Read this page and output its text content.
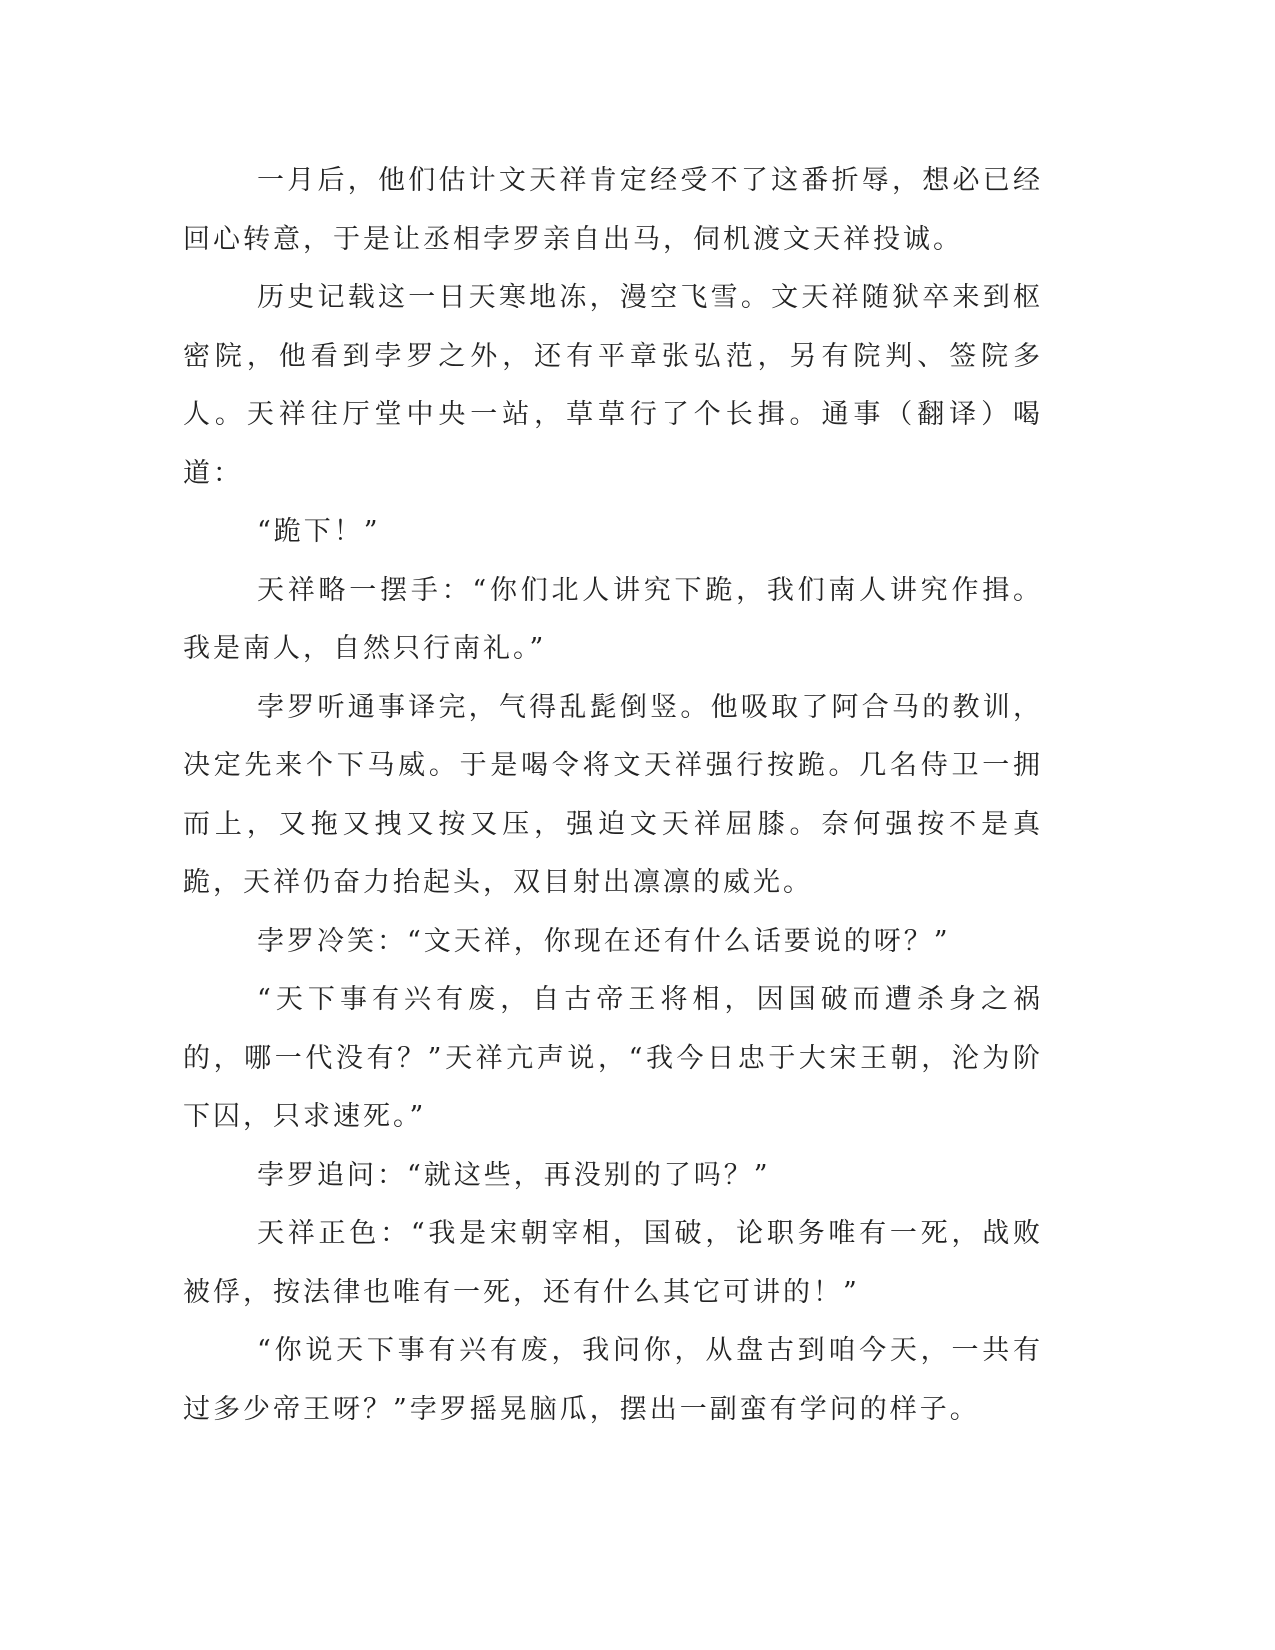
一月后，他们估计文天祥肯定经受不了这番折辱，想必已经回心转意，于是让丞相孛罗亲自出马，伺机渡文天祥投诚。

历史记载这一日天寒地冻，漫空飞雪。文天祥随狱卒来到枢密院，他看到孛罗之外，还有平章张弘范，另有院判、签院多人。天祥往厅堂中央一站，草草行了个长揖。通事（翻译）喝道：

“跪下！”

天祥略一摆手：“你们北人讲究下跪，我们南人讲究作揖。我是南人，自然只行南礼。”

孛罗听通事译完，气得乱髭倒竖。他吸取了阿合马的教训，决定先来个下马威。于是喝令将文天祥强行按跪。几名侍卫一拥而上，又拖又拽又按又压，强迫文天祥屈膝。奈何强按不是真跪，天祥仍奋力抬起头，双目射出凛凛的威光。

孛罗冷笑：“文天祥，你现在还有什么话要说的呀？”

“天下事有兴有废，自古帝王将相，因国破而遭杀身之祸的，哪一代没有？”天祥亢声说，“我今日忠于大宋王朝，沦为阶下囚，只求速死。”

孛罗追问：“就这些，再没别的了吗？”

天祥正色：“我是宋朝宰相，国破，论职务唯有一死，战败被俘，按法律也唯有一死，还有什么其它可讲的！”

“你说天下事有兴有废，我问你，从盘古到咱今天，一共有过多少帝王呀？”孛罗摇晃脑瓜，摆出一副蛮有学问的样子。
